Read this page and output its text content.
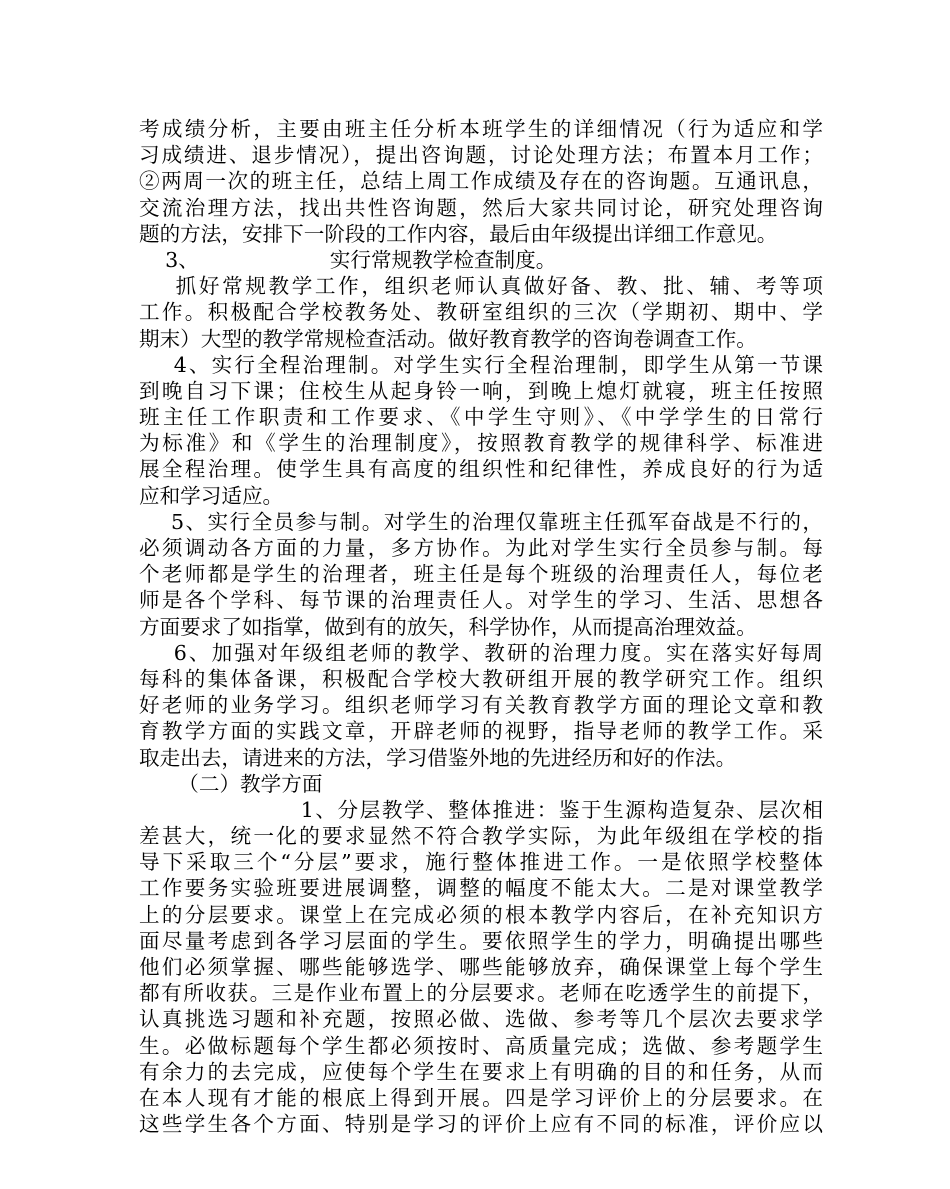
考成绩分析，主要由班主任分析本班学生的详细情况（行为适应和学
习成绩进、退步情况），提出咨询题，讨论处理方法；布置本月工作；
②两周一次的班主任，总结上周工作成绩及存在的咨询题。互通讯息，
交流治理方法，找出共性咨询题，然后大家共同讨论，研究处理咨询
题的方法，安排下一阶段的工作内容，最后由年级提出详细工作意见。
3、                    实行常规教学检查制度。
抓好常规教学工作，组织老师认真做好备、教、批、辅、考等项
工作。积极配合学校教务处、教研室组织的三次（学期初、期中、学
期末）大型的教学常规检查活动。做好教育教学的咨询卷调查工作。
4、实行全程治理制。对学生实行全程治理制，即学生从第一节课
到晚自习下课；住校生从起身铃一响，到晚上熄灯就寝，班主任按照
班主任工作职责和工作要求、《中学生守则》、《中学学生的日常行
为标准》和《学生的治理制度》，按照教育教学的规律科学、标准进
展全程治理。使学生具有高度的组织性和纪律性，养成良好的行为适
应和学习适应。
5、实行全员参与制。对学生的治理仅靠班主任孤军奋战是不行的，
必须调动各方面的力量，多方协作。为此对学生实行全员参与制。每
个老师都是学生的治理者，班主任是每个班级的治理责任人，每位老
师是各个学科、每节课的治理责任人。对学生的学习、生活、思想各
方面要求了如指掌，做到有的放矢，科学协作，从而提高治理效益。
6、加强对年级组老师的教学、教研的治理力度。实在落实好每周
每科的集体备课，积极配合学校大教研组开展的教学研究工作。组织
好老师的业务学习。组织老师学习有关教育教学方面的理论文章和教
育教学方面的实践文章，开辟老师的视野，指导老师的教学工作。采
取走出去，请进来的方法，学习借鉴外地的先进经历和好的作法。
（二）教学方面
1、分层教学、整体推进：鉴于生源构造复杂、层次相
差甚大，统一化的要求显然不符合教学实际，为此年级组在学校的指
导下采取三个“分层”要求，施行整体推进工作。一是依照学校整体
工作要务实验班要进展调整，调整的幅度不能太大。二是对课堂教学
上的分层要求。课堂上在完成必须的根本教学内容后，在补充知识方
面尽量考虑到各学习层面的学生。要依照学生的学力，明确提出哪些
他们必须掌握、哪些能够选学、哪些能够放弃，确保课堂上每个学生
都有所收获。三是作业布置上的分层要求。老师在吃透学生的前提下，
认真挑选习题和补充题，按照必做、选做、参考等几个层次去要求学
生。必做标题每个学生都必须按时、高质量完成；选做、参考题学生
有余力的去完成，应使每个学生在要求上有明确的目的和任务，从而
在本人现有才能的根底上得到开展。四是学习评价上的分层要求。在
这些学生各个方面、特别是学习的评价上应有不同的标准，评价应以
